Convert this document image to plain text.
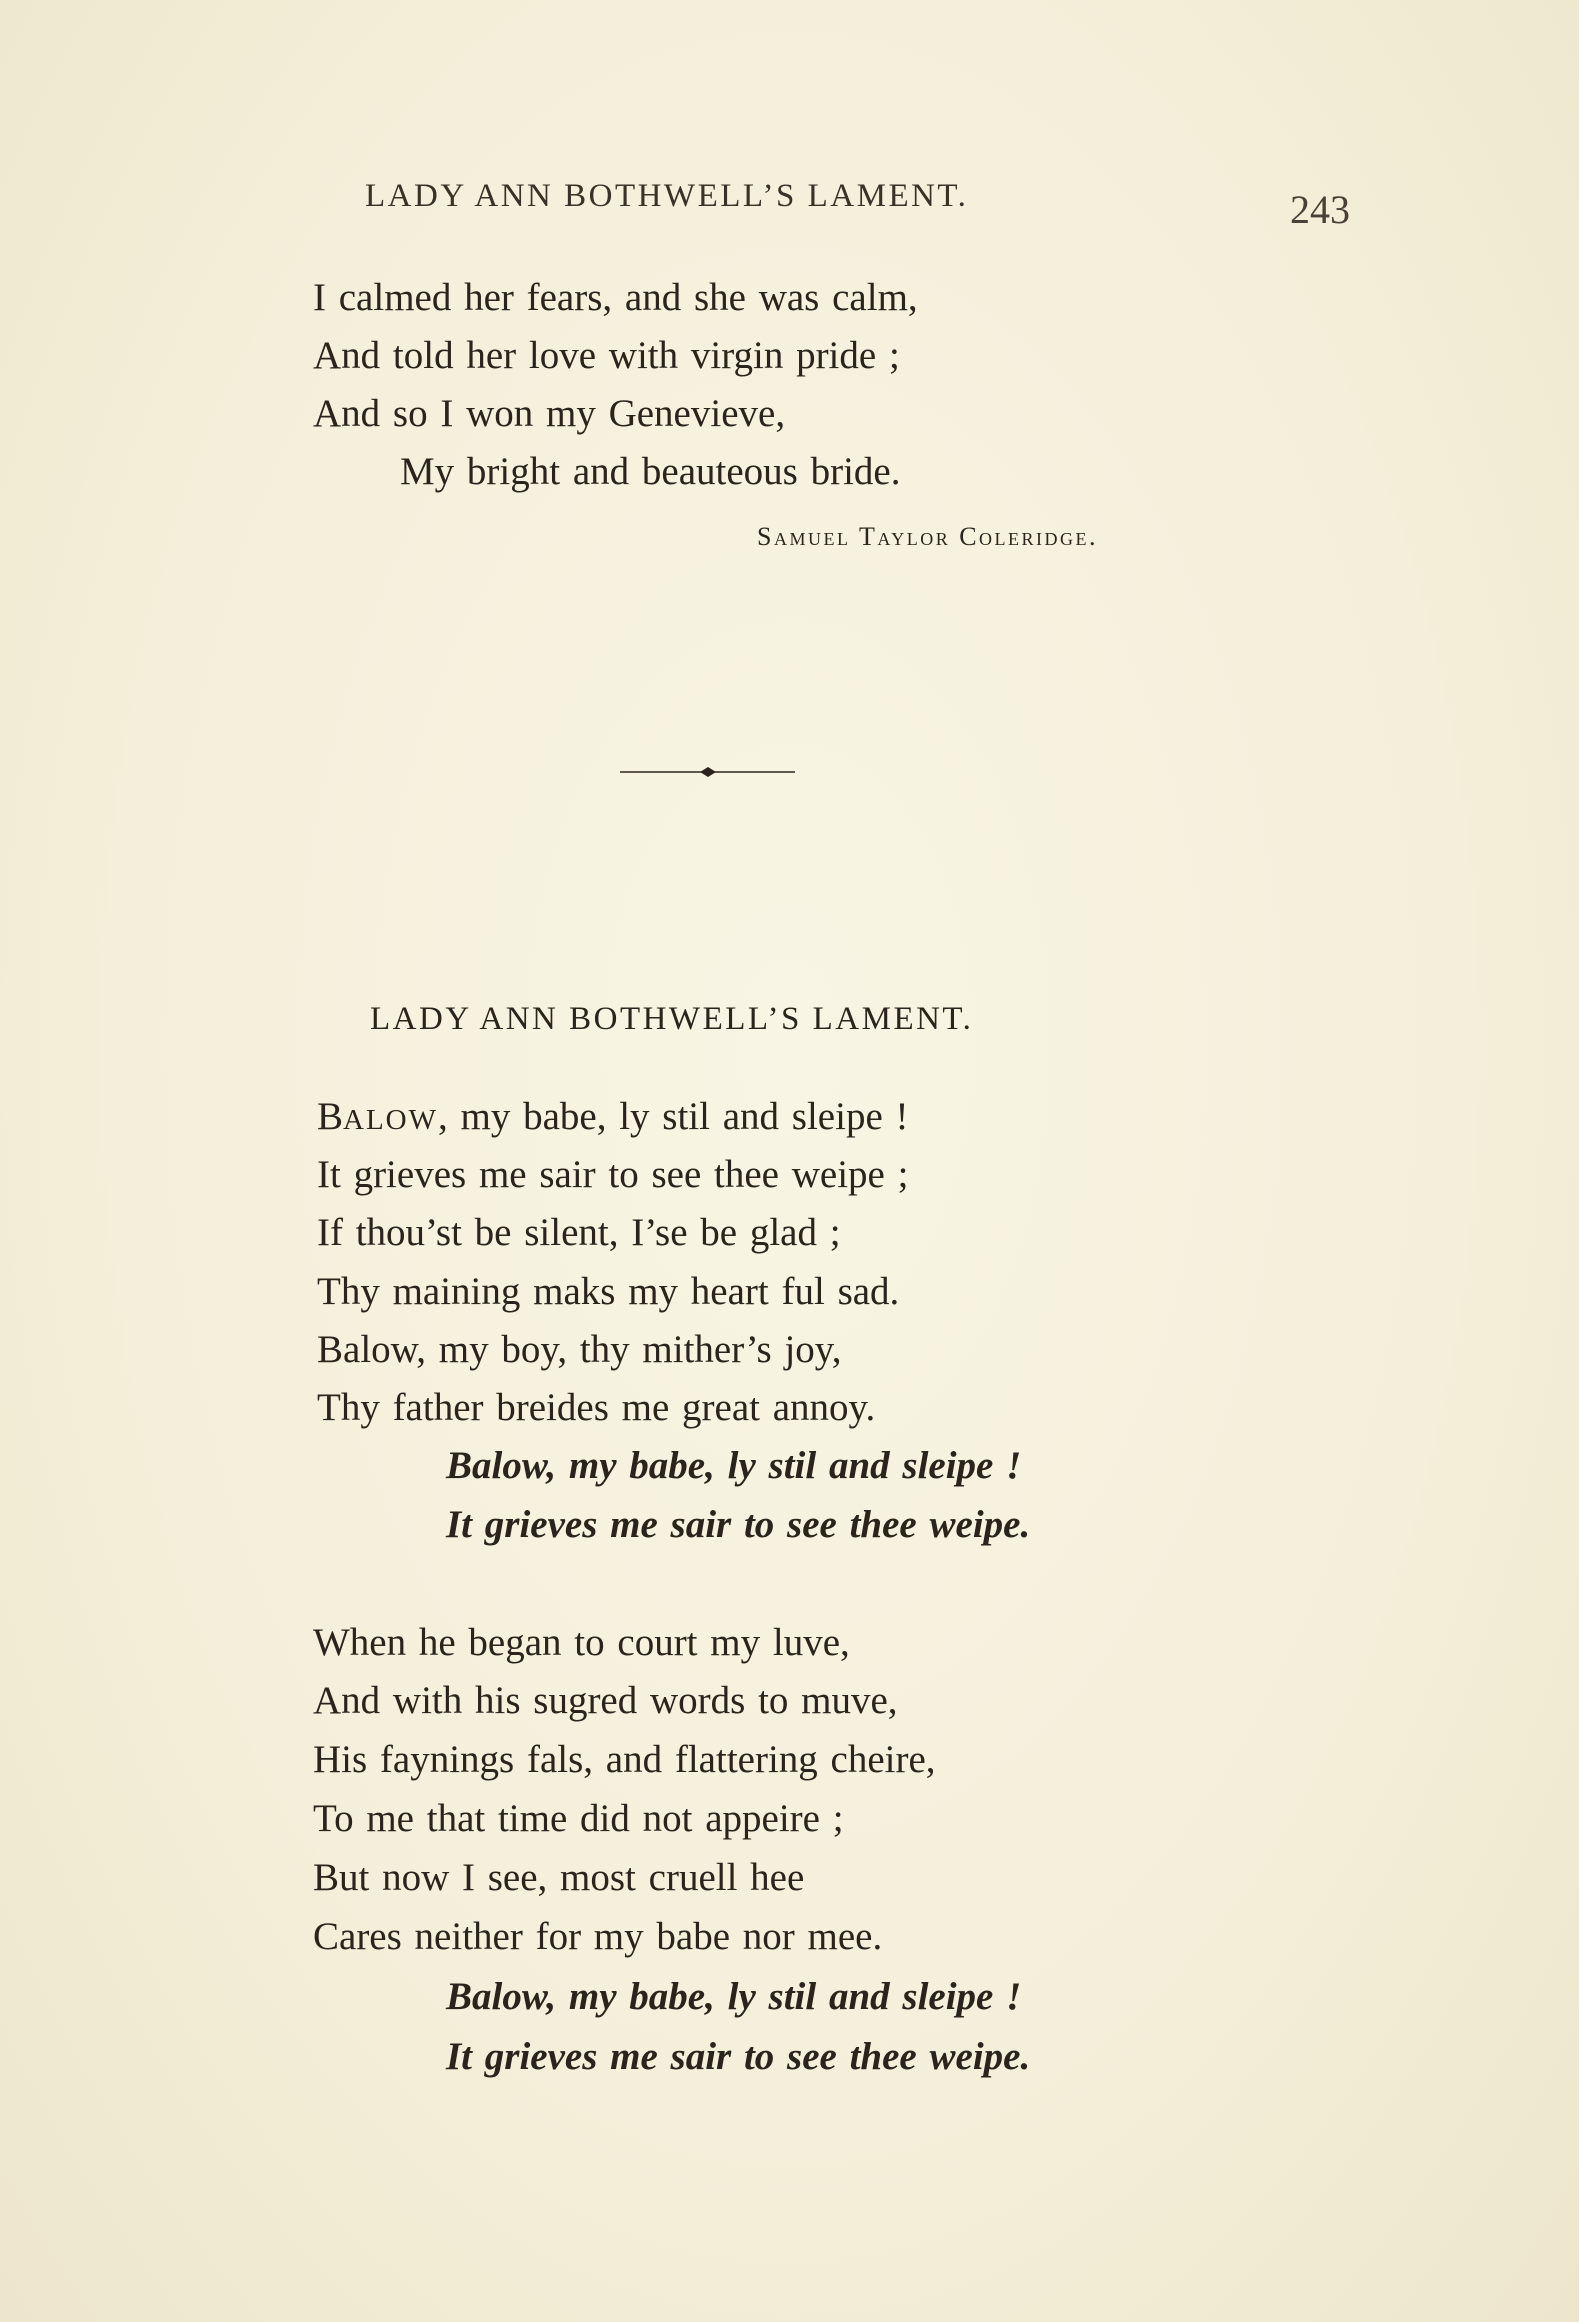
LADY ANN BOTHWELL’S LAMENT.	243
I calmed her fears, and she was calm,
And told her love with virgin pride ;
And so I won my Genevieve,
My bright and beauteous bride.
Samuel Taylor Coleridge.
LADY ANN BOTHWELL’S LAMENT.
BALOW, my babe, ly stil and sleipe !
It grieves me sair to see thee weipe ;
If thou’st be silent, I’se be glad ;
Thy maining maks my heart ful sad.
Balow, my boy, thy mither’s joy,
Thy father breides me great annoy.
Balow, my babe, ly stil and sleipe !
It grieves me sair to see thee weipe.
When he began to court my luve,
And with his sugred words to muve,
His faynings fals, and flattering cheire,
To me that time did not appeire ;
But now I see, most cruell hee
Cares neither for my babe nor mee.
Balow, my babe, ly stil and sleipe !
It grieves me sair to see thee weipe.
